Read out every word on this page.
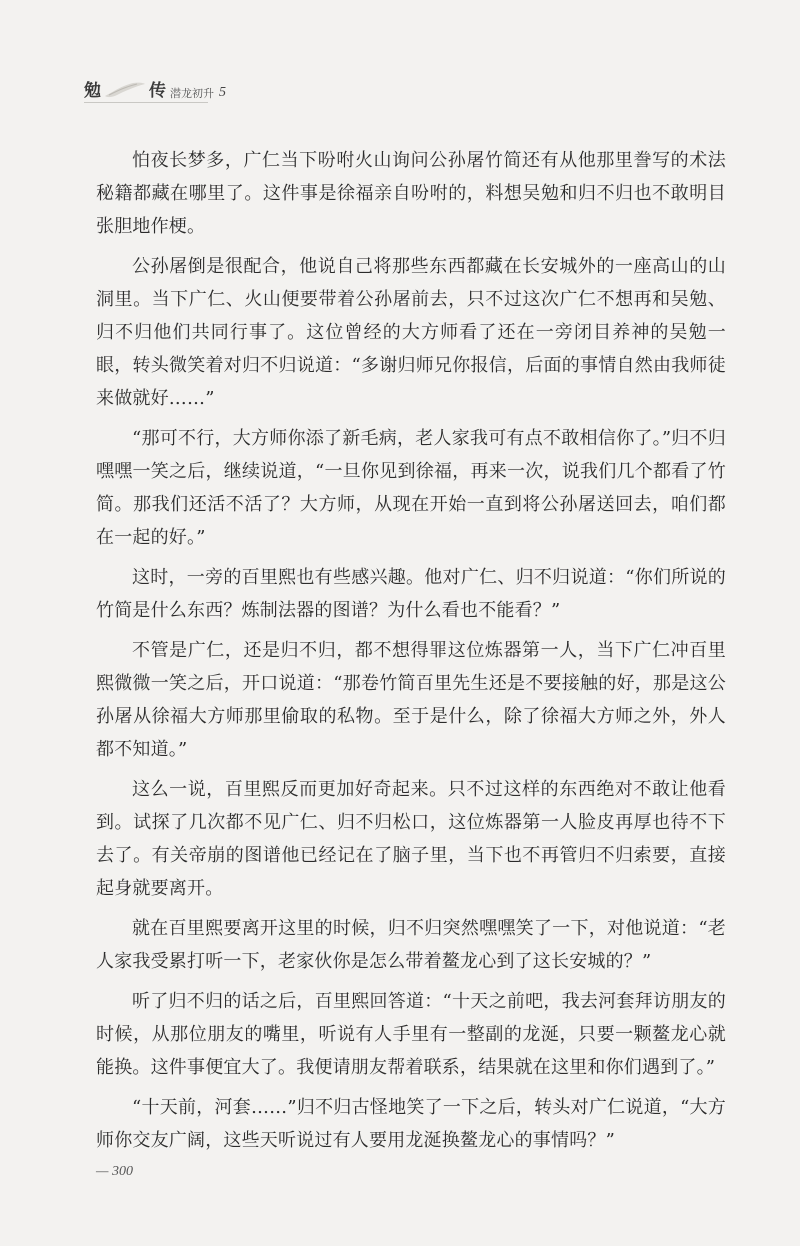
勉	传 潜龙初升 5

怕夜长梦多，广仁当下吩咐火山询问公孙屠竹简还有从他那里誊写的术法秘籍都藏在哪里了。这件事是徐福亲自吩咐的，料想吴勉和归不归也不敢明目张胆地作梗。

公孙屠倒是很配合，他说自己将那些东西都藏在长安城外的一座高山的山洞里。当下广仁、火山便要带着公孙屠前去，只不过这次广仁不想再和吴勉、归不归他们共同行事了。这位曾经的大方师看了还在一旁闭目养神的吴勉一眼，转头微笑着对归不归说道：“多谢归师兄你报信，后面的事情自然由我师徒来做就好……”

“那可不行，大方师你添了新毛病，老人家我可有点不敢相信你了。”归不归嘿嘿一笑之后，继续说道，“一旦你见到徐福，再来一次，说我们几个都看了竹简。那我们还活不活了？大方师，从现在开始一直到将公孙屠送回去，咱们都在一起的好。”

这时，一旁的百里熙也有些感兴趣。他对广仁、归不归说道：“你们所说的竹简是什么东西？炼制法器的图谱？为什么看也不能看？”

不管是广仁，还是归不归，都不想得罪这位炼器第一人，当下广仁冲百里熙微微一笑之后，开口说道：“那卷竹简百里先生还是不要接触的好，那是这公孙屠从徐福大方师那里偷取的私物。至于是什么，除了徐福大方师之外，外人都不知道。”

这么一说，百里熙反而更加好奇起来。只不过这样的东西绝对不敢让他看到。试探了几次都不见广仁、归不归松口，这位炼器第一人脸皮再厚也待不下去了。有关帝崩的图谱他已经记在了脑子里，当下也不再管归不归索要，直接起身就要离开。

就在百里熙要离开这里的时候，归不归突然嘿嘿笑了一下，对他说道：“老人家我受累打听一下，老家伙你是怎么带着鳌龙心到了这长安城的？”

听了归不归的话之后，百里熙回答道：“十天之前吧，我去河套拜访朋友的时候，从那位朋友的嘴里，听说有人手里有一整副的龙涎，只要一颗鳌龙心就能换。这件事便宜大了。我便请朋友帮着联系，结果就在这里和你们遇到了。”

“十天前，河套……”归不归古怪地笑了一下之后，转头对广仁说道，“大方师你交友广阔，这些天听说过有人要用龙涎换鳌龙心的事情吗？”

— 300
